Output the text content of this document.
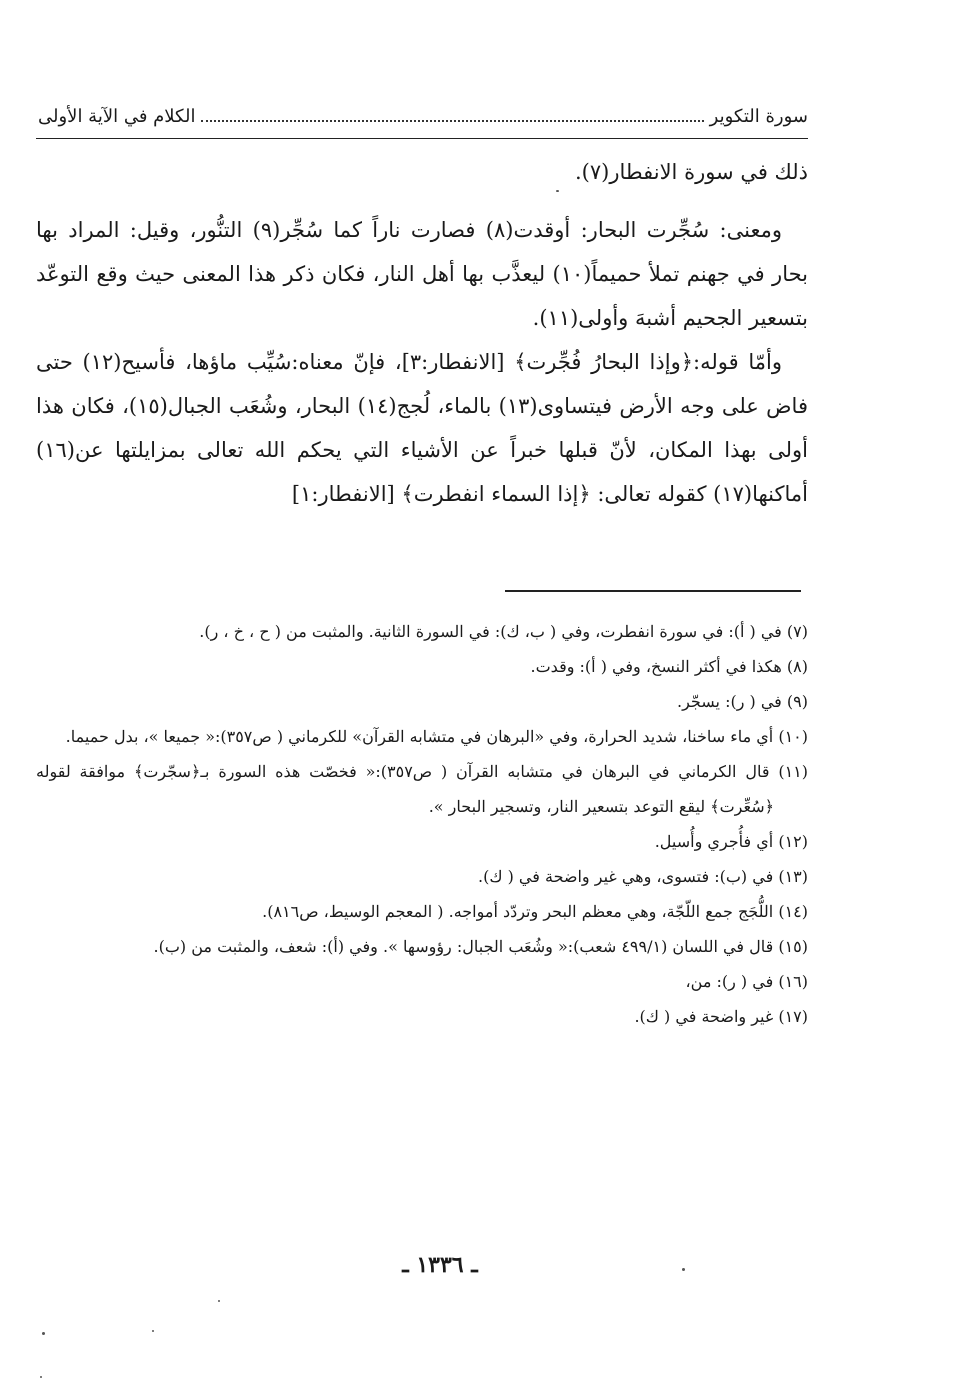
سورة التكوير
الكلام في الآية الأولى

ذلك في سورة الانفطار(٧).

ومعنى: سُجِّرت البحار: أوقدت(٨) فصارت ناراً كما سُجِّر(٩) التنُّور، وقيل: المراد بها بحار في جهنم تملأ حميماً(١٠) ليعذَّب بها أهل النار، فكان ذكر هذا المعنى حيث وقع التوعّد بتسعير الجحيم أشبهَ وأولى(١١).

وأمّا قوله:﴿وإذا البحارُ فُجِّرت﴾ [الانفطار:٣]، فإنّ معناه:سُيِّب ماؤها، فأسيح(١٢) حتى فاض على وجه الأرض فيتساوى(١٣) بالماء، لُجج(١٤) البحار، وشُعَب الجبال(١٥)، فكان هذا أولى بهذا المكان، لأنّ قبلها خبراً عن الأشياء التي يحكم الله تعالى بمزايلتها عن(١٦) أماكنها(١٧) كقوله تعالى: ﴿إذا السماء انفطرت﴾ [الانفطار:١]

(٧) في ( أ): في سورة انفطرت، وفي ( ب، ك): في السورة الثانية. والمثبت من ( ح ، خ ، ر).

(٨) هكذا في أكثر النسخ، وفي ( أ): وقدت.

(٩) في ( ر): يسجّر.

(١٠) أي ماء ساخنا، شديد الحرارة، وفي «البرهان في متشابه القرآن» للكرماني ( ص٣٥٧):« جميعا »، بدل حميما.

(١١) قال الكرماني في البرهان في متشابه القرآن ( ص٣٥٧):« فخصّت هذه السورة بـ﴿سجّرت﴾ موافقة لقوله ﴿سُعِّرت﴾ ليقع التوعد بتسعير النار، وتسجير البحار ».

(١٢) أي فأُجري وأُسيل.

(١٣) في (ب): فتسوى، وهي غير واضحة في ( ك).

(١٤) اللُّجَج جمع اللّجّة، وهي معظم البحر وتردّد أمواجه. ( المعجم الوسيط، ص٨١٦).

(١٥) قال في اللسان (٤٩٩/١ شعب):« وشُعَب الجبال: رؤوسها ». وفي (أ): شعف، والمثبت من (ب).

(١٦) في ( ر): من،

(١٧) غير واضحة في ( ك).

ـ ١٣٣٦ ـ
